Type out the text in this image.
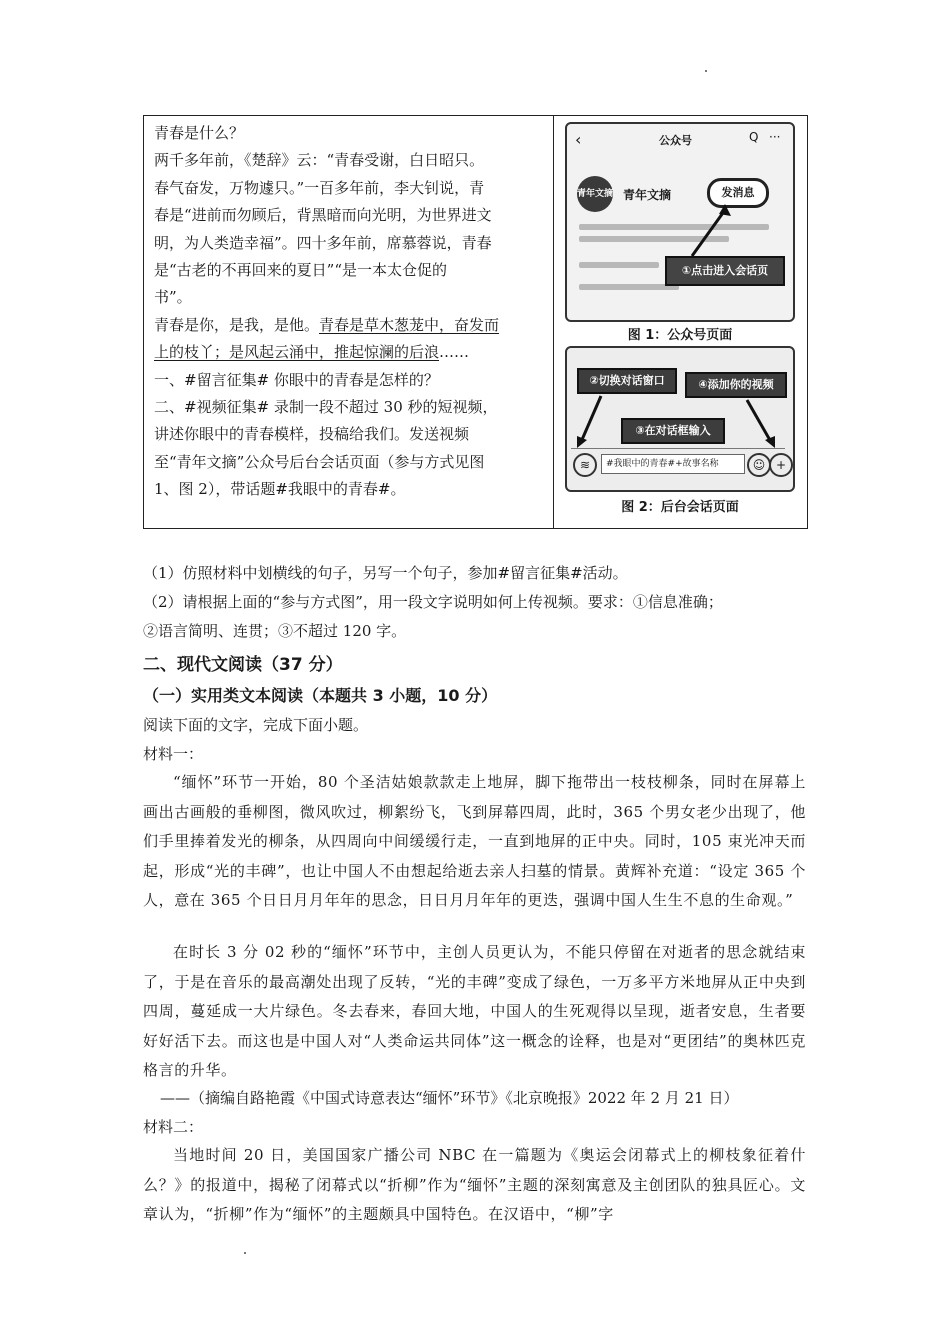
青春是什么？
两千多年前，《楚辞》云：“青春受谢，白日昭只。
春气奋发，万物遽只。”一百多年前，李大钊说，青
春是“进前而勿顾后，背黑暗而向光明，为世界进文
明，为人类造幸福”。四十多年前，席慕蓉说，青春
是“古老的不再回来的夏日”“是一本太仓促的
书”。
青春是你，是我，是他。青春是草木葱茏中，奋发而
上的枝丫；是风起云涌中，推起惊澜的后浪……
一、#留言征集# 你眼中的青春是怎样的？
二、#视频征集# 录制一段不超过 30 秒的短视频，
讲述你眼中的青春模样，投稿给我们。发送视频
至“青年文摘”公众号后台会话页面（参与方式见图
1、图 2），带话题#我眼中的青春#。
‹	公众号	Q ···
青年文摘 青年文摘	发消息
①点击进入会话页
图 1：公众号页面
②切换对话窗口	④添加你的视频
③在对话框输入
≋	#我眼中的青春#+故事名称	☺ +
图 2：后台会话页面
（1）仿照材料中划横线的句子，另写一个句子，参加#留言征集#活动。
（2）请根据上面的“参与方式图”，用一段文字说明如何上传视频。要求：①信息准确；
②语言简明、连贯；③不超过 120 字。
二、现代文阅读（37 分）
（一）实用类文本阅读（本题共 3 小题，10 分）
阅读下面的文字，完成下面小题。
材料一：
“缅怀”环节一开始，80 个圣洁姑娘款款走上地屏，脚下拖带出一枝枝柳条，同时在屏幕上画出古画般的垂柳图，微风吹过，柳絮纷飞，飞到屏幕四周，此时，365 个男女老少出现了，他们手里捧着发光的柳条，从四周向中间缓缓行走，一直到地屏的正中央。同时，105 束光冲天而起，形成“光的丰碑”，也让中国人不由想起给逝去亲人扫墓的情景。黄辉补充道：“设定 365 个人，意在 365 个日日月月年年的思念，日日月月年年的更迭，强调中国人生生不息的生命观。”
在时长 3 分 02 秒的“缅怀”环节中，主创人员更认为，不能只停留在对逝者的思念就结束了，于是在音乐的最高潮处出现了反转，“光的丰碑”变成了绿色，一万多平方米地屏从正中央到四周，蔓延成一大片绿色。冬去春来，春回大地，中国人的生死观得以呈现，逝者安息，生者要好好活下去。而这也是中国人对“人类命运共同体”这一概念的诠释，也是对“更团结”的奥林匹克格言的升华。
——（摘编自路艳霞《中国式诗意表达“缅怀”环节》《北京晚报》2022 年 2 月 21 日）
材料二：
当地时间 20 日，美国国家广播公司 NBC 在一篇题为《奥运会闭幕式上的柳枝象征着什么？》的报道中，揭秘了闭幕式以“折柳”作为“缅怀”主题的深刻寓意及主创团队的独具匠心。文章认为，“折柳”作为“缅怀”的主题颇具中国特色。在汉语中，“柳”字
